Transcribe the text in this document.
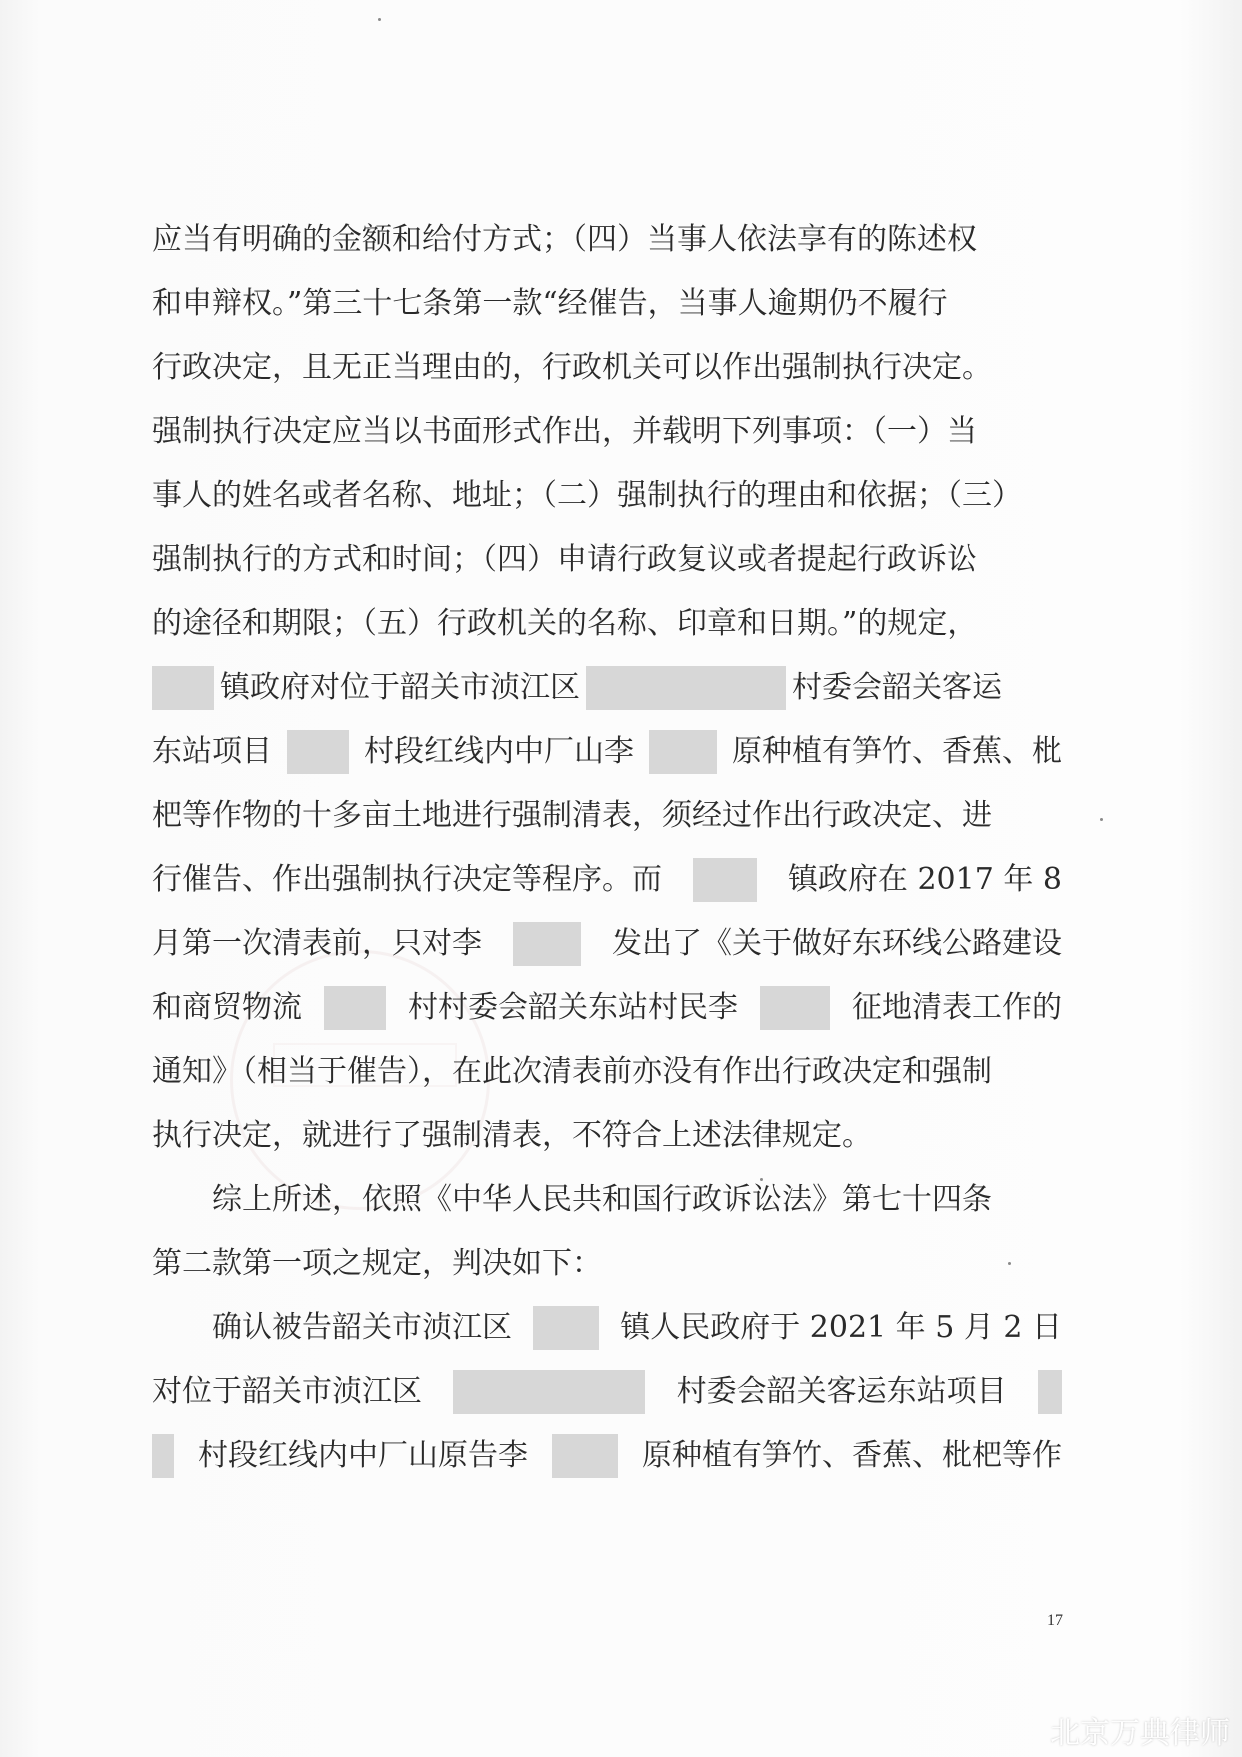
应当有明确的金额和给付方式；（四）当事人依法享有的陈述权
和申辩权。”第三十七条第一款“经催告，当事人逾期仍不履行
行政决定，且无正当理由的，行政机关可以作出强制执行决定。
强制执行决定应当以书面形式作出，并载明下列事项：（一）当
事人的姓名或者名称、地址；（二）强制执行的理由和依据；（三）
强制执行的方式和时间；（四）申请行政复议或者提起行政诉讼
的途径和期限；（五）行政机关的名称、印章和日期。”的规定，
镇政府对位于韶关市浈江区	村委会韶关客运
东站项目	村段红线内中厂山李	原种植有笋竹、香蕉、枇
杷等作物的十多亩土地进行强制清表，须经过作出行政决定、进
行催告、作出强制执行决定等程序。而	镇政府在 2017 年 8
月第一次清表前，只对李	发出了《关于做好东环线公路建设
和商贸物流	村村委会韶关东站村民李	征地清表工作的
通知》（相当于催告），在此次清表前亦没有作出行政决定和强制
执行决定，就进行了强制清表，不符合上述法律规定。
综上所述，依照《中华人民共和国行政诉讼法》第七十四条
第二款第一项之规定，判决如下：
确认被告韶关市浈江区	镇人民政府于 2021 年 5 月 2 日
对位于韶关市浈江区	村委会韶关客运东站项目
村段红线内中厂山原告李	原种植有笋竹、香蕉、枇杷等作
17
北京万典律师
